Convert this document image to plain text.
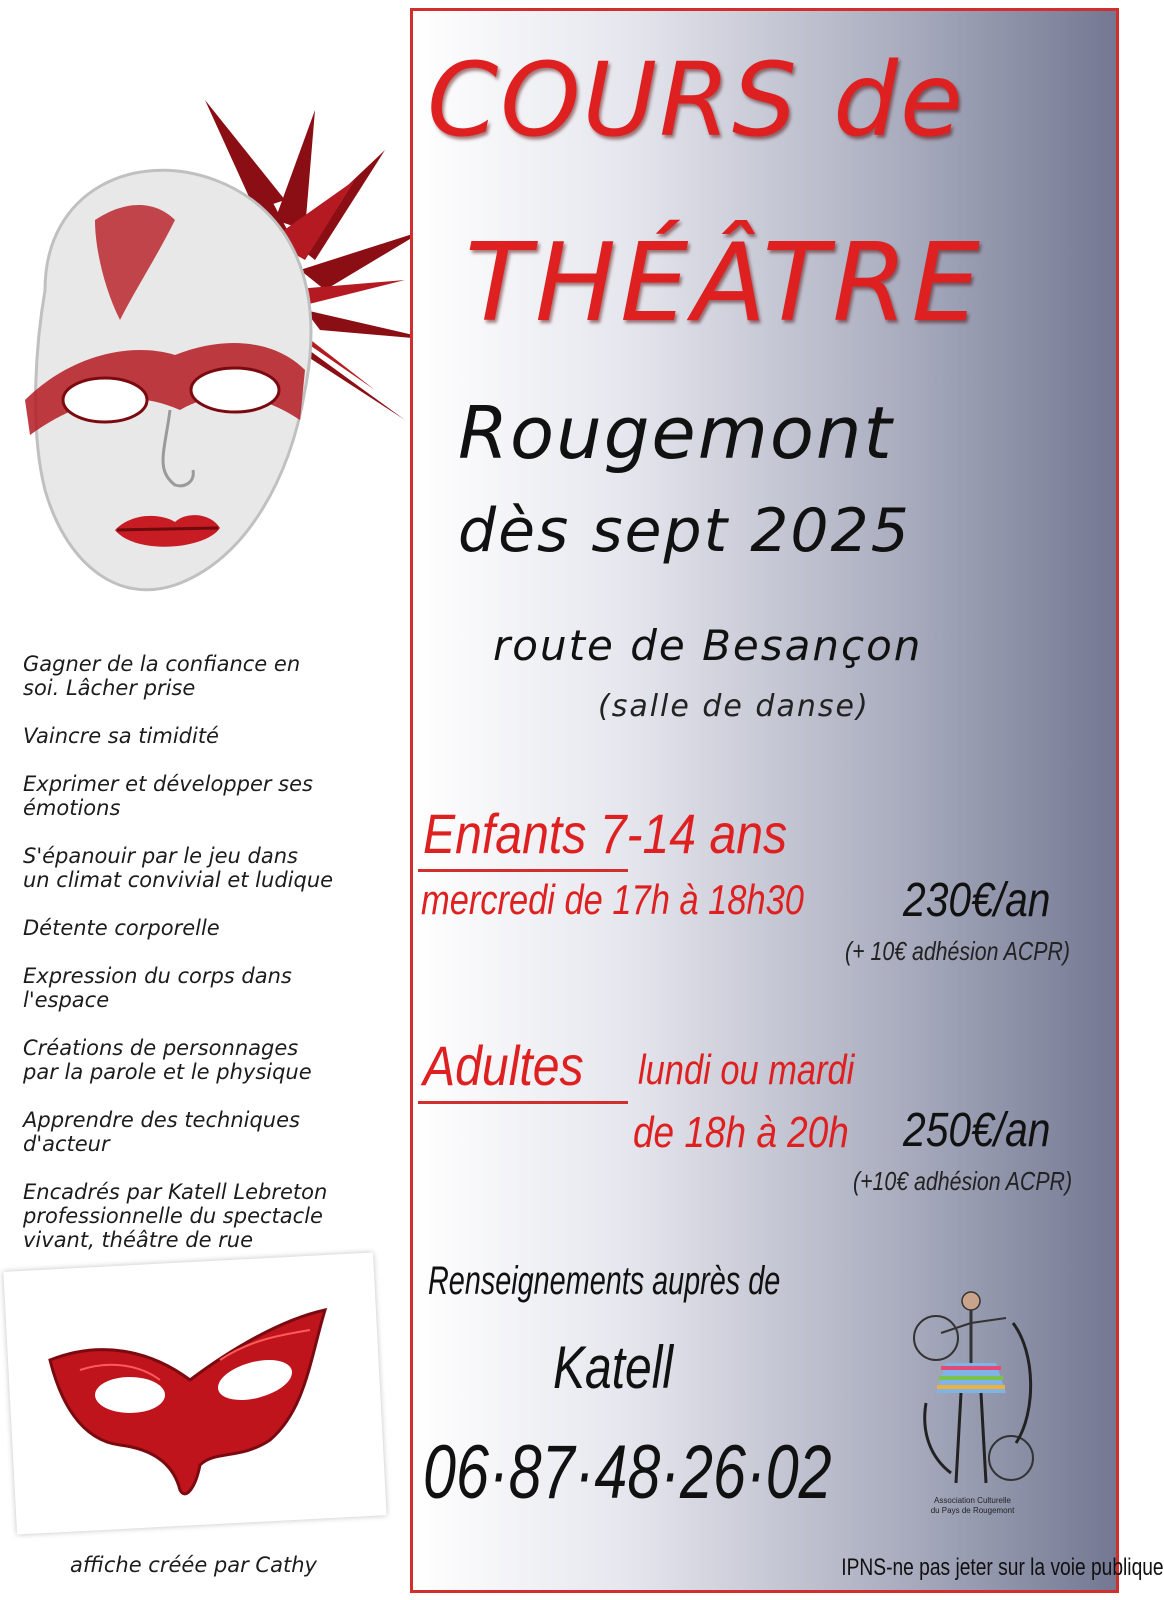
Gagner de la confiance en
soi. Lâcher prise
Vaincre sa timidité
Exprimer et développer ses
émotions
S'épanouir par le jeu dans
un climat convivial et ludique
Détente corporelle
Expression du corps dans
l'espace
Créations de personnages
par la parole et le physique
Apprendre des techniques
d'acteur
Encadrés par Katell Lebreton
professionnelle du spectacle
vivant, théâtre de rue

affiche créée par Cathy

COURS de

THÉÂTRE

Rougemont

dès sept 2025

route de Besançon

(salle de danse)

Enfants 7-14 ans

mercredi de 17h à 18h30 230€/an

(+ 10€ adhésion ACPR)

Adultes lundi ou mardi

de 18h à 20h 250€/an

(+10€ adhésion ACPR)

Renseignements auprès de

Katell

06·87·48·26·02	Association Culturelle
du Pays de Rougemont

IPNS-ne pas jeter sur la voie publique
